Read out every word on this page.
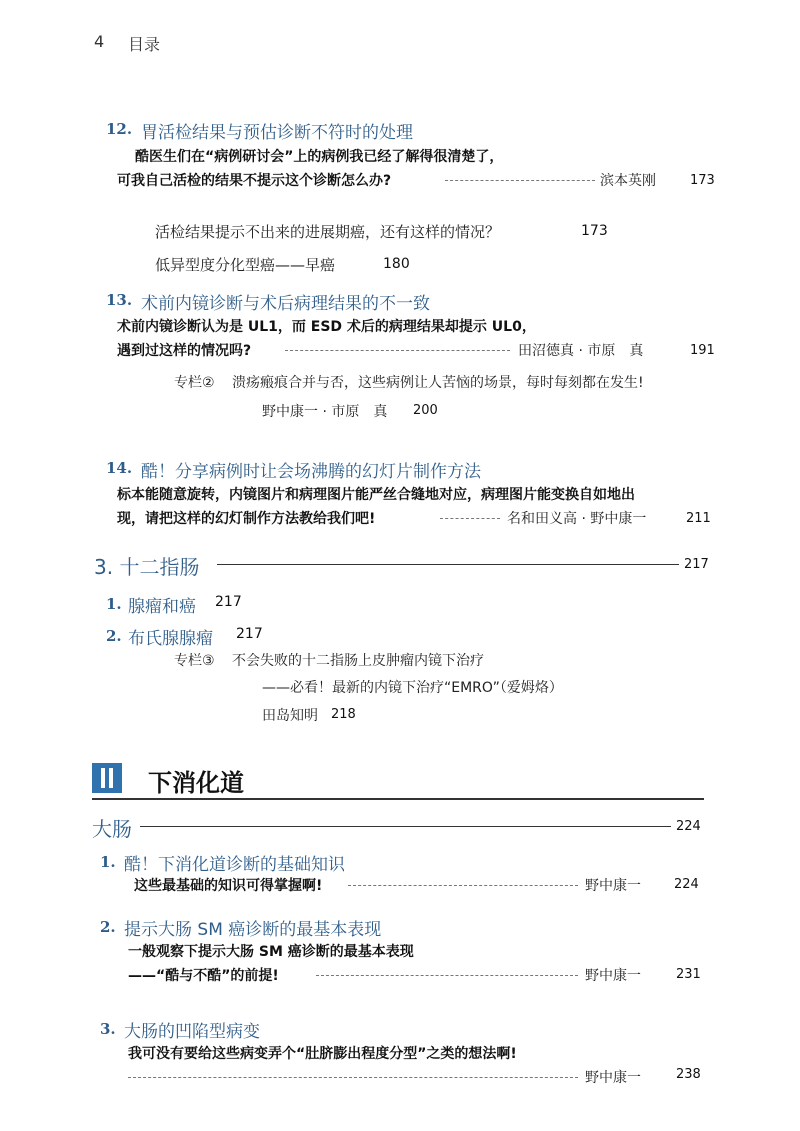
4 目录
12. 胃活检结果与预估诊断不符时的处理
酷医生们在“病例研讨会”上的病例我已经了解得很清楚了，
可我自己活检的结果不提示这个诊断怎么办?	滨本英刚	173
活检结果提示不出来的进展期癌，还有这样的情况？	173
低异型度分化型癌——早癌	180
13. 术前内镜诊断与术后病理结果的不一致
术前内镜诊断认为是 UL1，而 ESD 术后的病理结果却提示 UL0，
遇到过这样的情况吗?	田沼德真 · 市原　真	191
专栏② 溃疡瘢痕合并与否，这些病例让人苦恼的场景，每时每刻都在发生!
野中康一 · 市原　真 200
14. 酷！分享病例时让会场沸腾的幻灯片制作方法
标本能随意旋转，内镜图片和病理图片能严丝合缝地对应，病理图片能变换自如地出
现，请把这样的幻灯制作方法教给我们吧!	名和田义高 · 野中康一	211
3. 十二指肠	217
1. 腺瘤和癌 217
2. 布氏腺腺瘤 217
专栏③ 不会失败的十二指肠上皮肿瘤内镜下治疗
——必看！最新的内镜下治疗“EMRO”（爱姆烙）
田岛知明 218
下消化道
大肠	224
1. 酷！下消化道诊断的基础知识
这些最基础的知识可得掌握啊!	野中康一	224
2. 提示大肠 SM 癌诊断的最基本表现
一般观察下提示大肠 SM 癌诊断的最基本表现
——“酷与不酷”的前提!	野中康一	231
3. 大肠的凹陷型病变
我可没有要给这些病变弄个“肚脐膨出程度分型”之类的想法啊!
野中康一	238
